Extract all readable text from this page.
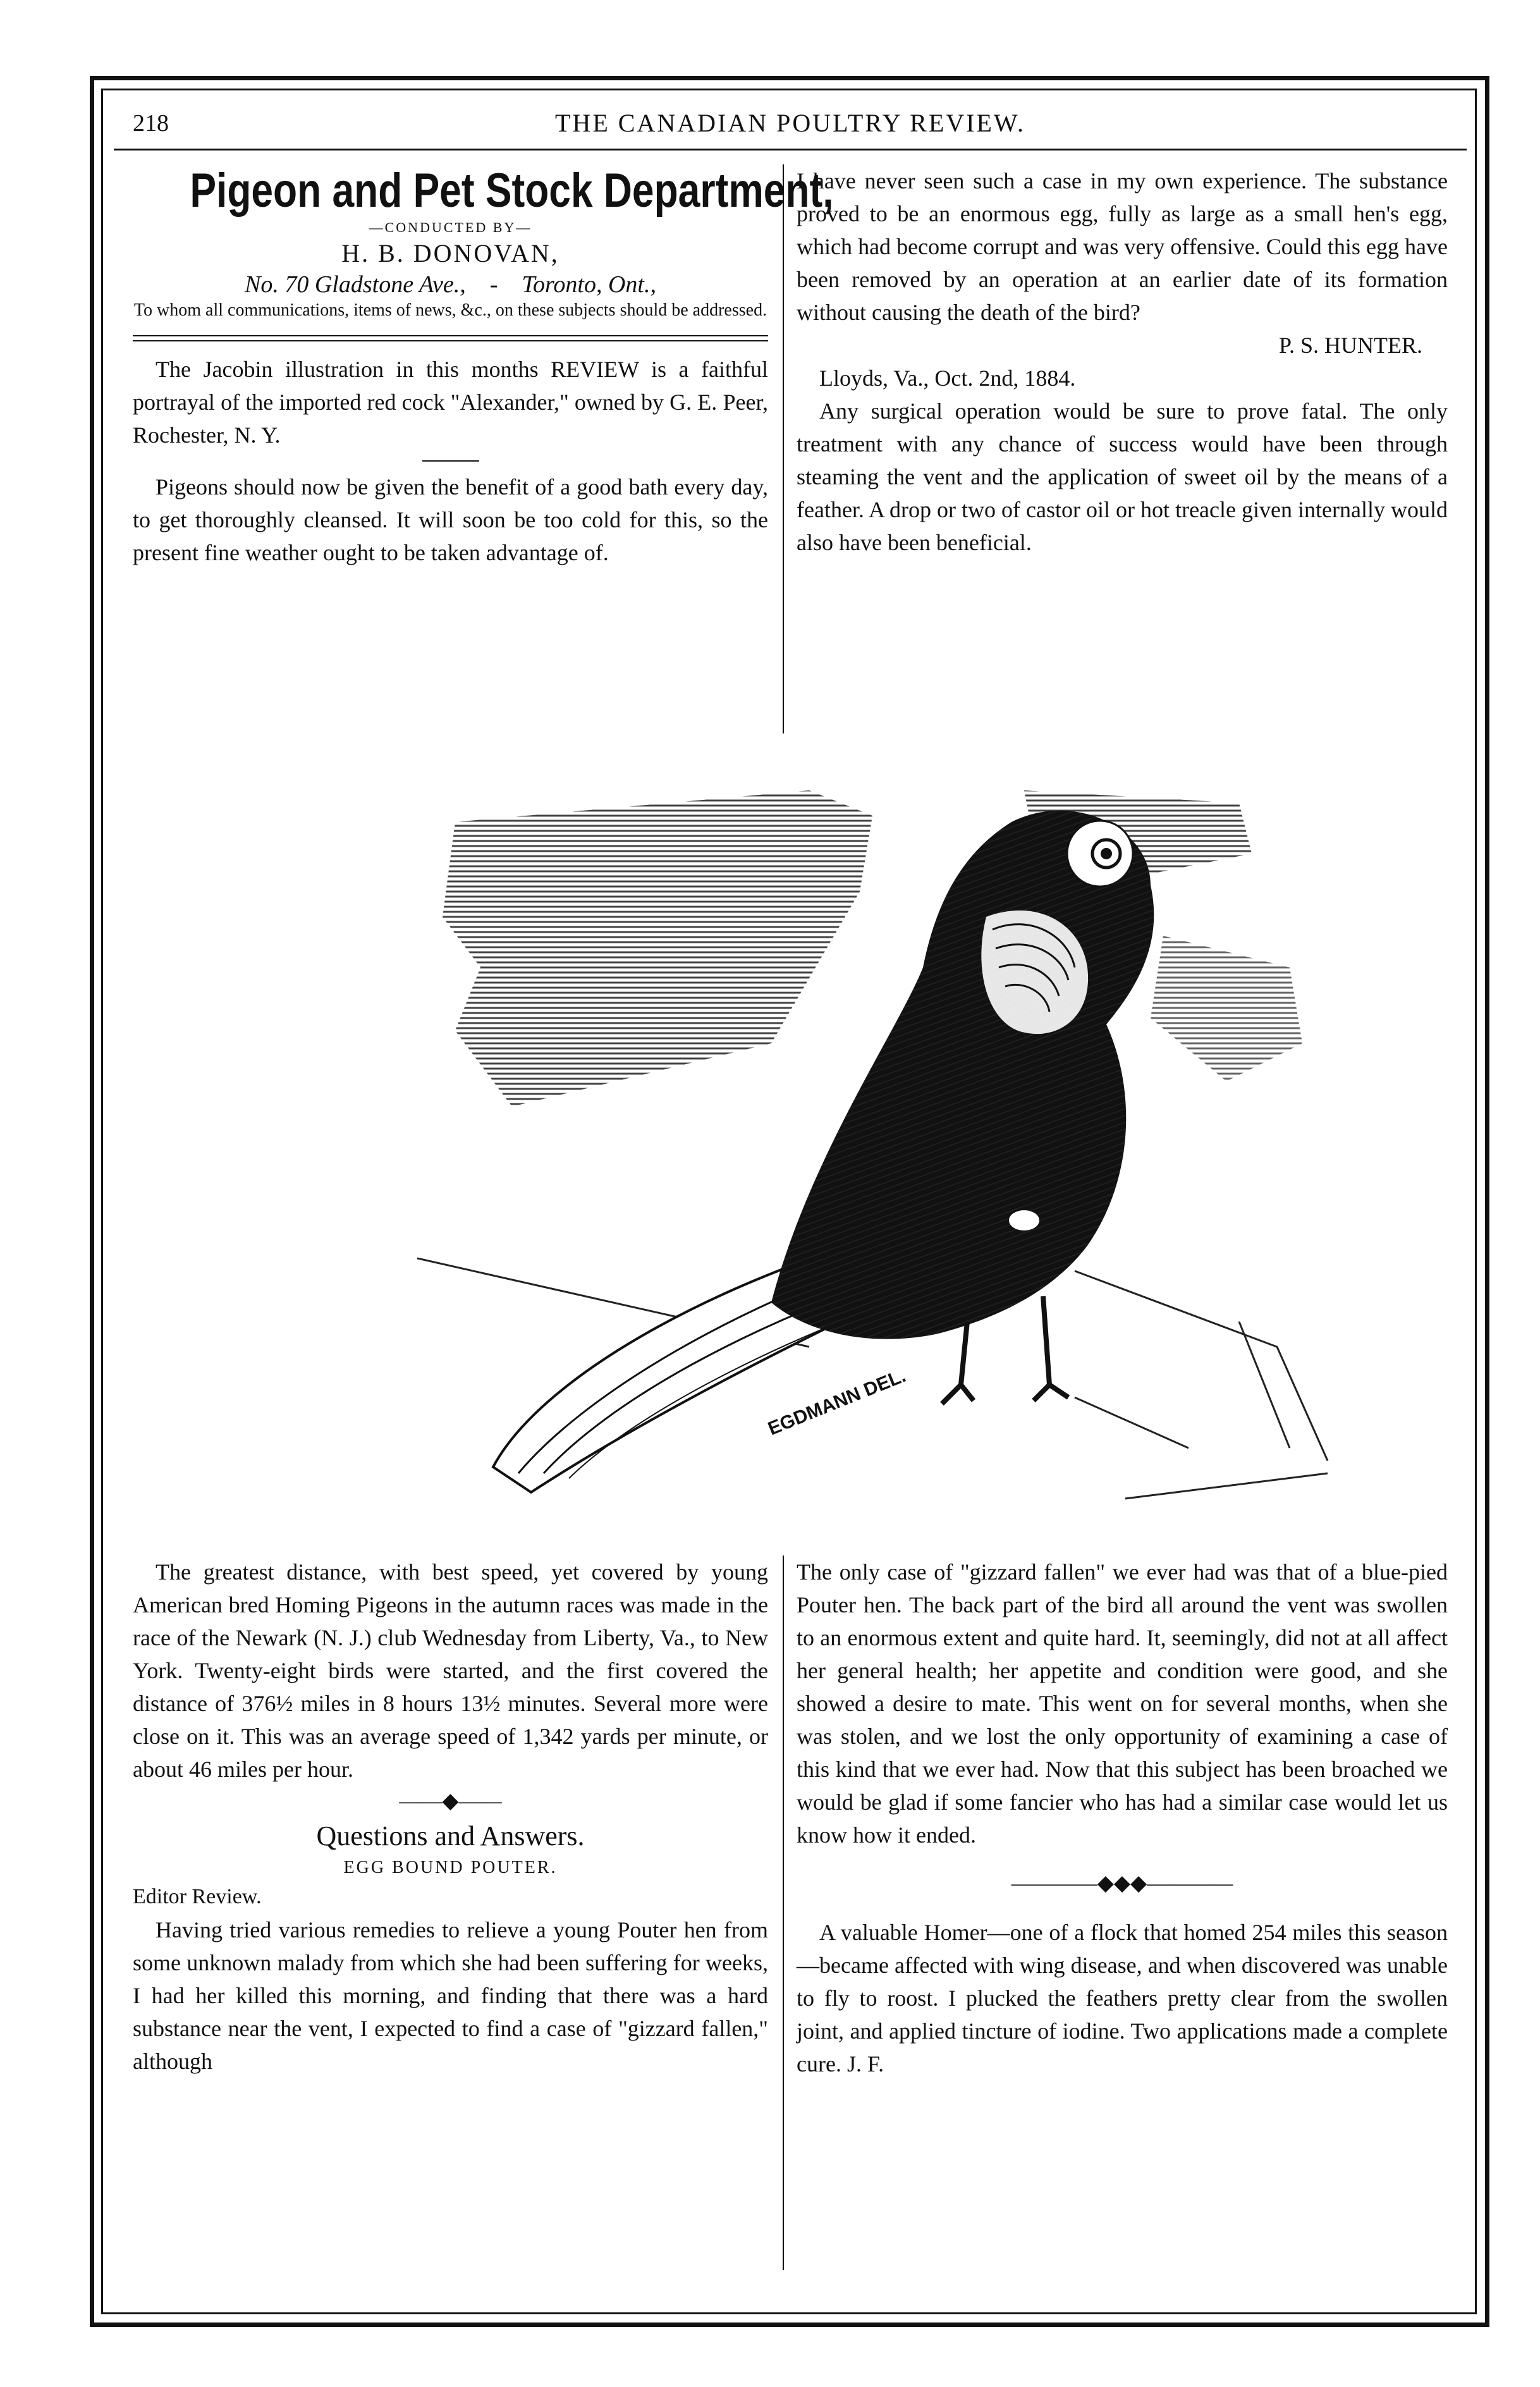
218	THE CANADIAN POULTRY REVIEW.

Pigeon and Pet Stock Department,

—CONDUCTED BY—

H. B. DONOVAN,

No. 70 Gladstone Ave.,    -    Toronto, Ont.,

To whom all communications, items of news, &c., on these subjects should be addressed.

The Jacobin illustration in this months REVIEW is a faithful portrayal of the imported red cock "Alexander," owned by G. E. Peer, Rochester, N. Y.

Pigeons should now be given the benefit of a good bath every day, to get thoroughly cleansed. It will soon be too cold for this, so the present fine weather ought to be taken advantage of.

I have never seen such a case in my own experience. The substance proved to be an enormous egg, fully as large as a small hen's egg, which had become corrupt and was very offensive. Could this egg have been removed by an operation at an earlier date of its formation without causing the death of the bird?

P. S. HUNTER.

Lloyds, Va., Oct. 2nd, 1884.

Any surgical operation would be sure to prove fatal. The only treatment with any chance of success would have been through steaming the vent and the application of sweet oil by the means of a feather. A drop or two of castor oil or hot treacle given internally would also have been beneficial.

EGDMANN DEL.

The greatest distance, with best speed, yet covered by young American bred Homing Pigeons in the autumn races was made in the race of the Newark (N. J.) club Wednesday from Liberty, Va., to New York. Twenty-eight birds were started, and the first covered the distance of 376½ miles in 8 hours 13½ minutes. Several more were close on it. This was an average speed of 1,342 yards per minute, or about 46 miles per hour.

——◆——

Questions and Answers.

EGG BOUND POUTER.

Editor Review.

Having tried various remedies to relieve a young Pouter hen from some unknown malady from which she had been suffering for weeks, I had her killed this morning, and finding that there was a hard substance near the vent, I expected to find a case of "gizzard fallen," although

The only case of "gizzard fallen" we ever had was that of a blue-pied Pouter hen. The back part of the bird all around the vent was swollen to an enormous extent and quite hard. It, seemingly, did not at all affect her general health; her appetite and condition were good, and she showed a desire to mate. This went on for several months, when she was stolen, and we lost the only opportunity of examining a case of this kind that we ever had. Now that this subject has been broached we would be glad if some fancier who has had a similar case would let us know how it ended.

————◆◆◆————

A valuable Homer—one of a flock that homed 254 miles this season—became affected with wing disease, and when discovered was unable to fly to roost. I plucked the feathers pretty clear from the swollen joint, and applied tincture of iodine. Two applications made a complete cure. J. F.
